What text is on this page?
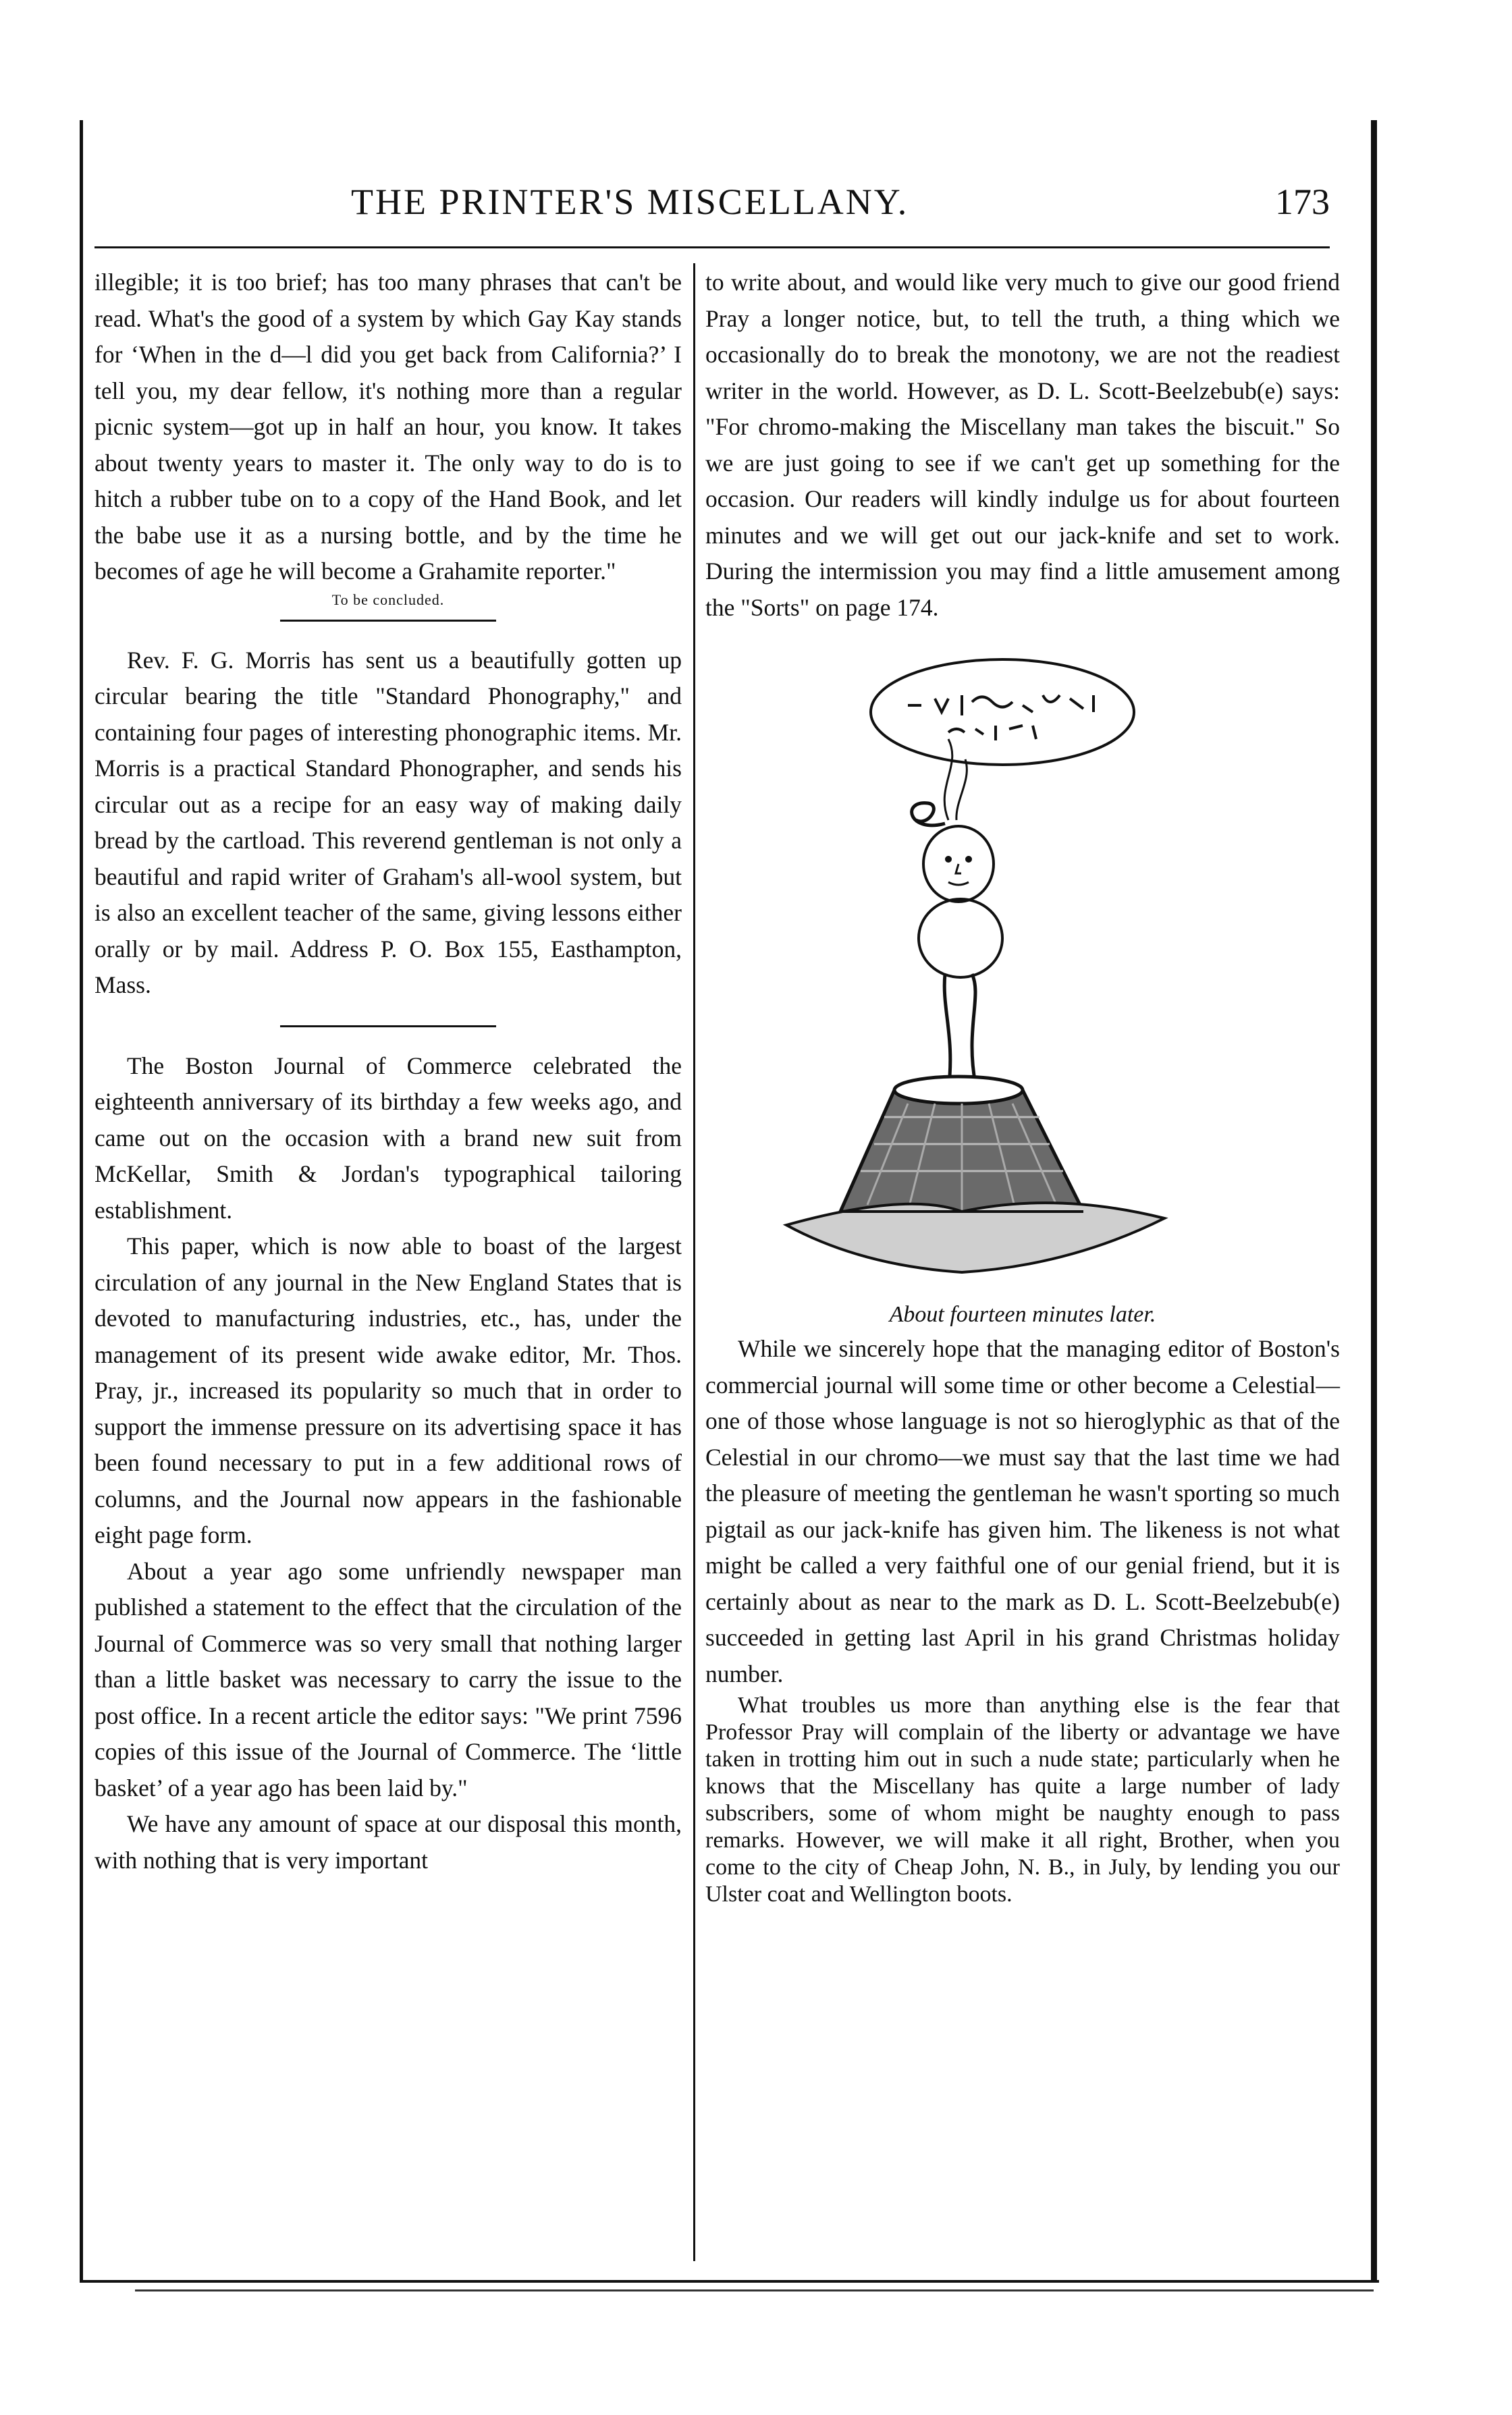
THE PRINTER'S MISCELLANY.	173

illegible; it is too brief; has too many phrases that can't be read. What's the good of a system by which Gay Kay stands for ‘When in the d—l did you get back from California?’ I tell you, my dear fellow, it's nothing more than a regular picnic system—got up in half an hour, you know. It takes about twenty years to master it. The only way to do is to hitch a rubber tube on to a copy of the Hand Book, and let the babe use it as a nursing bottle, and by the time he becomes of age he will become a Grahamite reporter."

To be concluded.

Rev. F. G. Morris has sent us a beautifully gotten up circular bearing the title "Standard Phonography," and containing four pages of interesting phonographic items. Mr. Morris is a practical Standard Phonographer, and sends his circular out as a recipe for an easy way of making daily bread by the cartload. This reverend gentleman is not only a beautiful and rapid writer of Graham's all-wool system, but is also an excellent teacher of the same, giving lessons either orally or by mail. Address P. O. Box 155, Easthampton, Mass.

The Boston Journal of Commerce celebrated the eighteenth anniversary of its birthday a few weeks ago, and came out on the occasion with a brand new suit from McKellar, Smith & Jordan's typographical tailoring establishment.

This paper, which is now able to boast of the largest circulation of any journal in the New England States that is devoted to manufacturing industries, etc., has, under the management of its present wide awake editor, Mr. Thos. Pray, jr., increased its popularity so much that in order to support the immense pressure on its advertising space it has been found necessary to put in a few additional rows of columns, and the Journal now appears in the fashionable eight page form.

About a year ago some unfriendly newspaper man published a statement to the effect that the circulation of the Journal of Commerce was so very small that nothing larger than a little basket was necessary to carry the issue to the post office. In a recent article the editor says: "We print 7596 copies of this issue of the Journal of Commerce. The ‘little basket’ of a year ago has been laid by."

We have any amount of space at our disposal this month, with nothing that is very important

to write about, and would like very much to give our good friend Pray a longer notice, but, to tell the truth, a thing which we occasionally do to break the monotony, we are not the readiest writer in the world. However, as D. L. Scott-Beelzebub(e) says: "For chromo-making the Miscellany man takes the biscuit." So we are just going to see if we can't get up something for the occasion. Our readers will kindly indulge us for about fourteen minutes and we will get out our jack-knife and set to work. During the intermission you may find a little amusement among the "Sorts" on page 174.

About fourteen minutes later.

While we sincerely hope that the managing editor of Boston's commercial journal will some time or other become a Celestial—one of those whose language is not so hieroglyphic as that of the Celestial in our chromo—we must say that the last time we had the pleasure of meeting the gentleman he wasn't sporting so much pigtail as our jack-knife has given him. The likeness is not what might be called a very faithful one of our genial friend, but it is certainly about as near to the mark as D. L. Scott-Beelzebub(e) succeeded in getting last April in his grand Christmas holiday number.

What troubles us more than anything else is the fear that Professor Pray will complain of the liberty or advantage we have taken in trotting him out in such a nude state; particularly when he knows that the Miscellany has quite a large number of lady subscribers, some of whom might be naughty enough to pass remarks. However, we will make it all right, Brother, when you come to the city of Cheap John, N. B., in July, by lending you our Ulster coat and Wellington boots.
